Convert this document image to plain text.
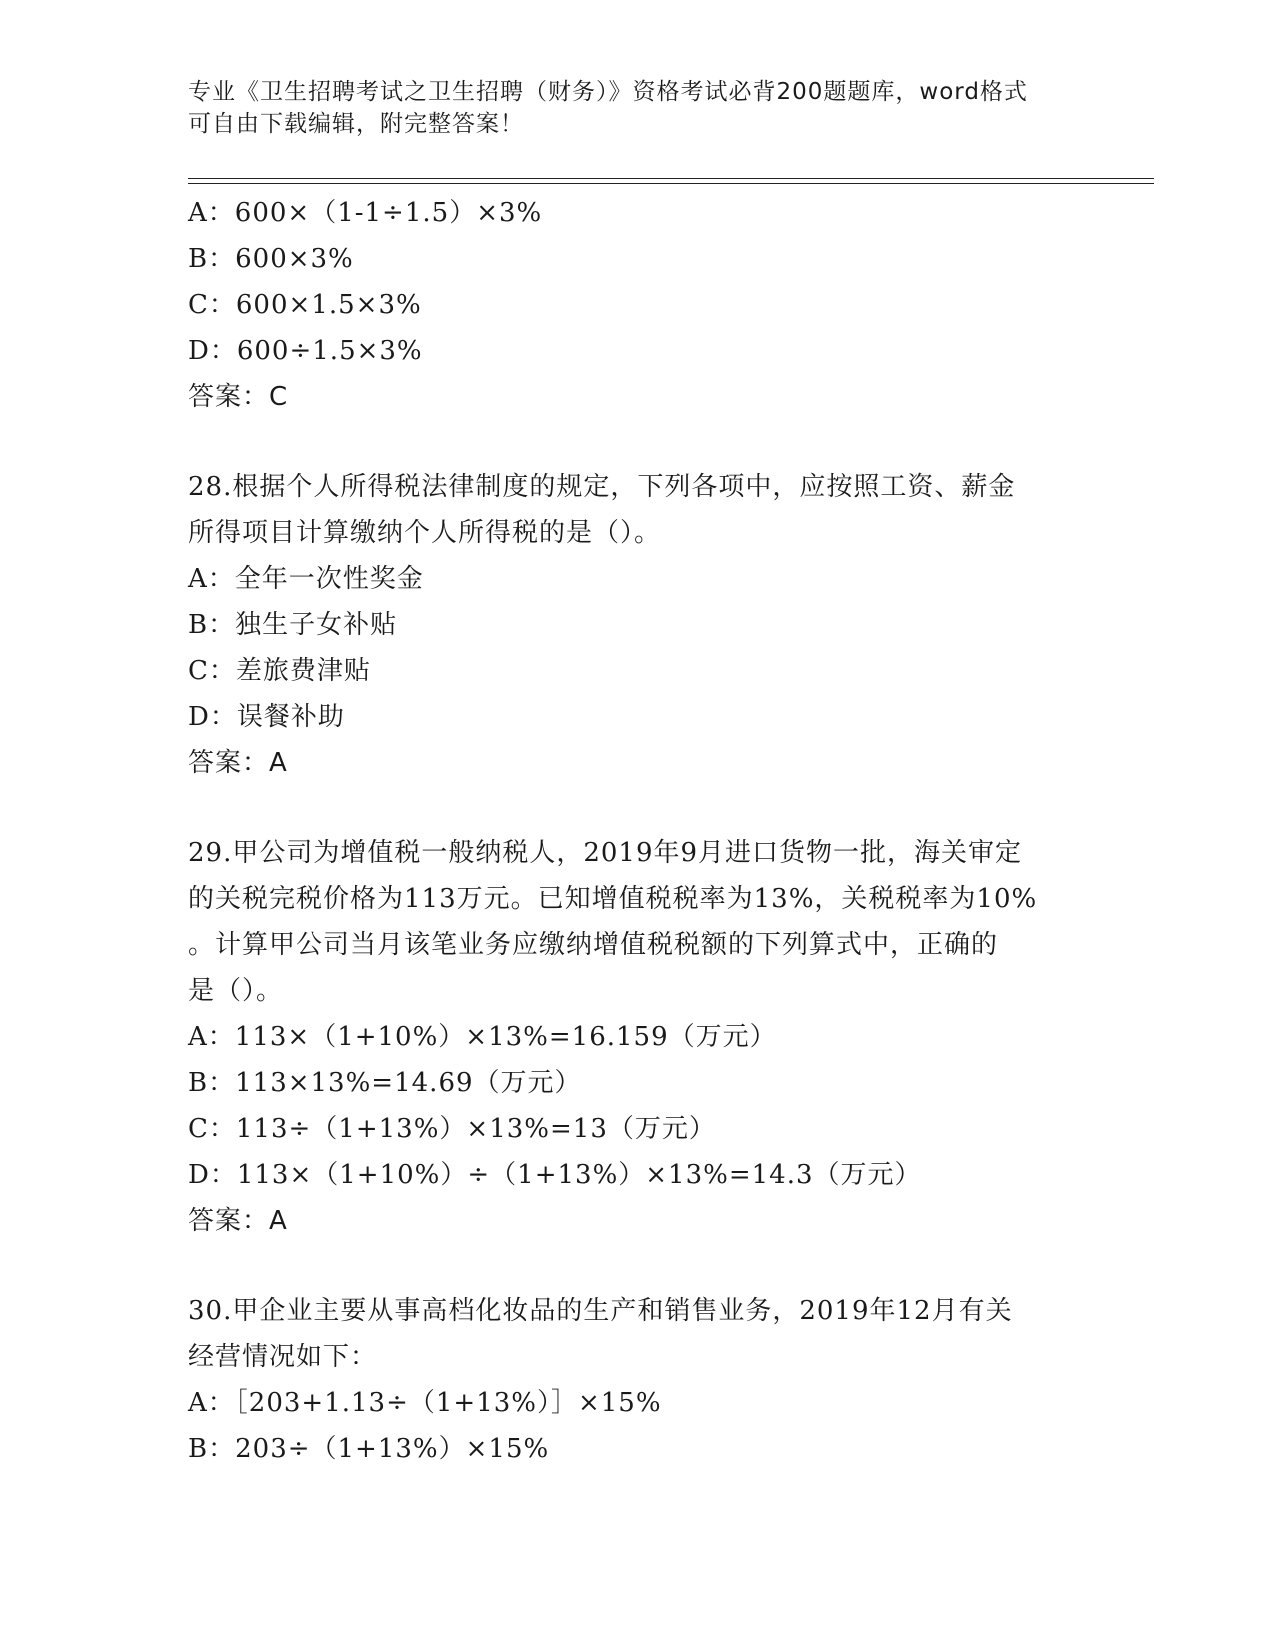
专业《卫生招聘考试之卫生招聘（财务）》资格考试必背200题题库，word格式
可自由下载编辑，附完整答案！
A：600×（1-1÷1.5）×3%
B：600×3%
C：600×1.5×3%
D：600÷1.5×3%
答案：C
28.根据个人所得税法律制度的规定，下列各项中，应按照工资、薪金
所得项目计算缴纳个人所得税的是（）。
A：全年一次性奖金
B：独生子女补贴
C：差旅费津贴
D：误餐补助
答案：A
29.甲公司为增值税一般纳税人，2019年9月进口货物一批，海关审定
的关税完税价格为113万元。已知增值税税率为13%，关税税率为10%
。计算甲公司当月该笔业务应缴纳增值税税额的下列算式中，正确的
是（）。
A：113×（1+10%）×13%=16.159（万元）
B：113×13%=14.69（万元）
C：113÷（1+13%）×13%=13（万元）
D：113×（1+10%）÷（1+13%）×13%=14.3（万元）
答案：A
30.甲企业主要从事高档化妆品的生产和销售业务，2019年12月有关
经营情况如下：
A：［203+1.13÷（1+13%）］×15%
B：203÷（1+13%）×15%
